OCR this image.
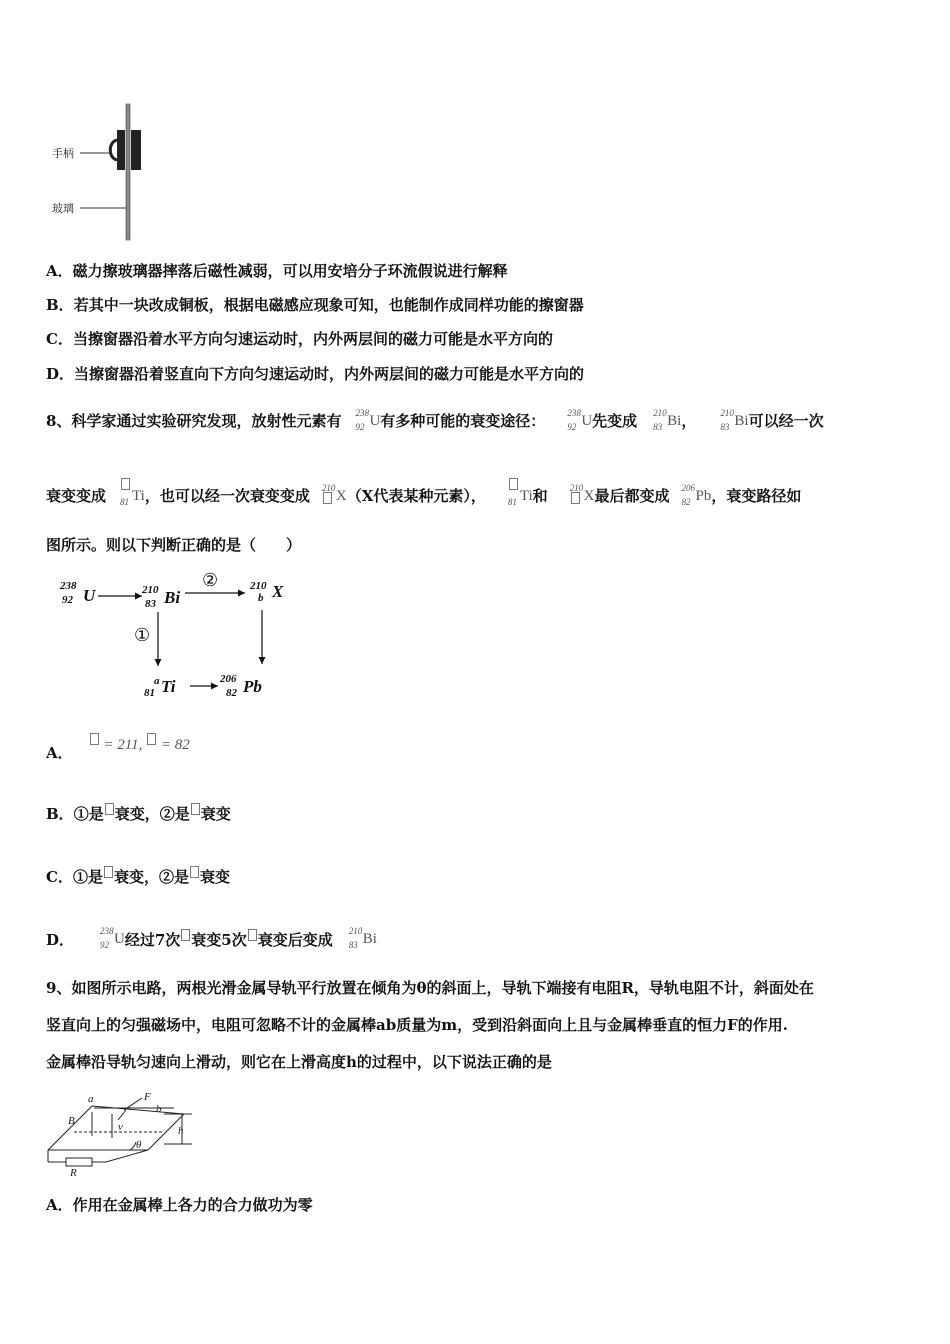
手柄
玻璃
A．磁力擦玻璃器摔落后磁性减弱，可以用安培分子环流假说进行解释
B．若其中一块改成铜板，根据电磁感应现象可知，也能制作成同样功能的擦窗器
C．当擦窗器沿着水平方向匀速运动时，内外两层间的磁力可能是水平方向的
D．当擦窗器沿着竖直向下方向匀速运动时，内外两层间的磁力可能是水平方向的
8、科学家通过实验研究发现，放射性元素有 238
92 U有多种可能的衰变途径： 238
92 U先变成 210
83 Bi，	210
83 Bi可以经一次
衰变变成 81 Ti，也可以经一次衰变变成 210 X（X代表某种元素）， 81 Ti和 210 X最后都变成 206
82 Pb，衰变路径如
图所示。则以下判断正确的是（　　）
238
92 U	210
83 Bi
210
b X
a
81 Ti	206
82 Pb
②
①
A． = 211,  = 82
B．①是 衰变，②是 衰变
C．①是 衰变，②是 衰变
D．	238
92 U经过7次 衰变5次 衰变后变成 210
83 Bi
9、如图所示电路，两根光滑金属导轨平行放置在倾角为θ的斜面上，导轨下端接有电阻R，导轨电阻不计，斜面处在
竖直向上的匀强磁场中，电阻可忽略不计的金属棒ab质量为m，受到沿斜面向上且与金属棒垂直的恒力F的作用.
金属棒沿导轨匀速向上滑动，则它在上滑高度h的过程中，以下说法正确的是
a
b
F
B	v	h
R
θ
A．作用在金属棒上各力的合力做功为零
